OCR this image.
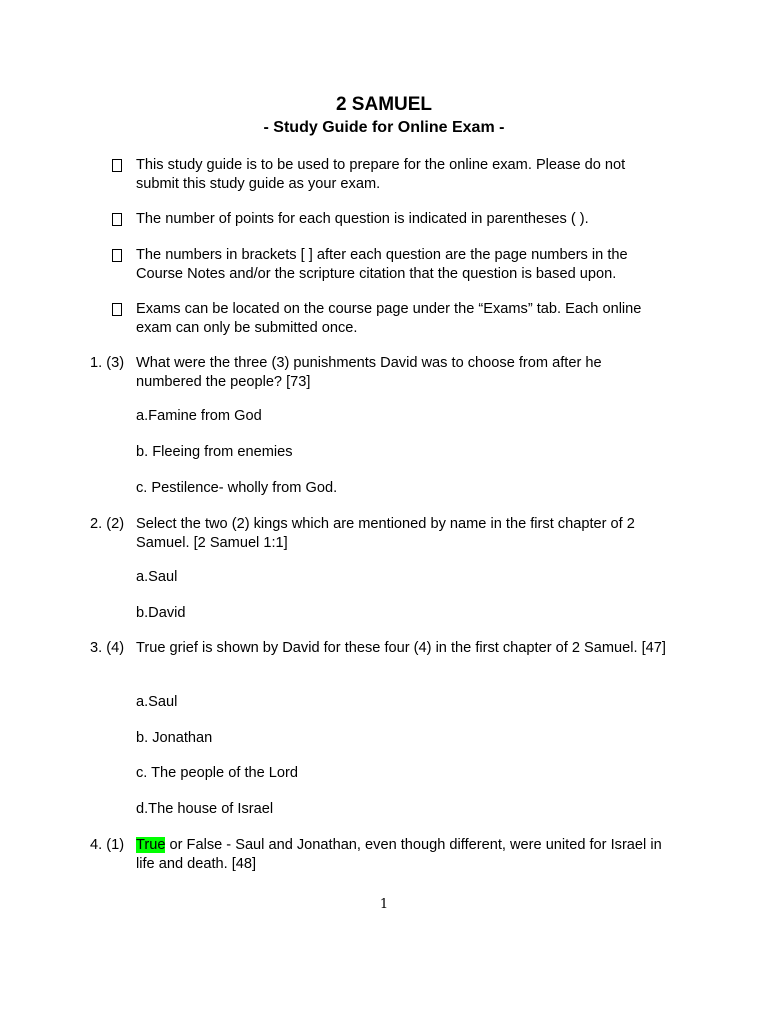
2 SAMUEL
- Study Guide for Online Exam -
This study guide is to be used to prepare for the online exam. Please do not submit this study guide as your exam.
The number of points for each question is indicated in parentheses ( ).
The numbers in brackets [ ] after each question are the page numbers in the Course Notes and/or the scripture citation that the question is based upon.
Exams can be located on the course page under the “Exams” tab. Each online exam can only be submitted once.
1. (3) What were the three (3) punishments David was to choose from after he numbered the people? [73]
a.Famine from God
b. Fleeing from enemies
c. Pestilence- wholly from God.
2. (2) Select the two (2) kings which are mentioned by name in the first chapter of 2 Samuel. [2 Samuel 1:1]
a.Saul
b.David
3. (4) True grief is shown by David for these four (4) in the first chapter of 2 Samuel. [47]
a.Saul
b. Jonathan
c. The people of the Lord
d.The house of Israel
4. (1) True or False - Saul and Jonathan, even though different, were united for Israel in life and death. [48]
1
